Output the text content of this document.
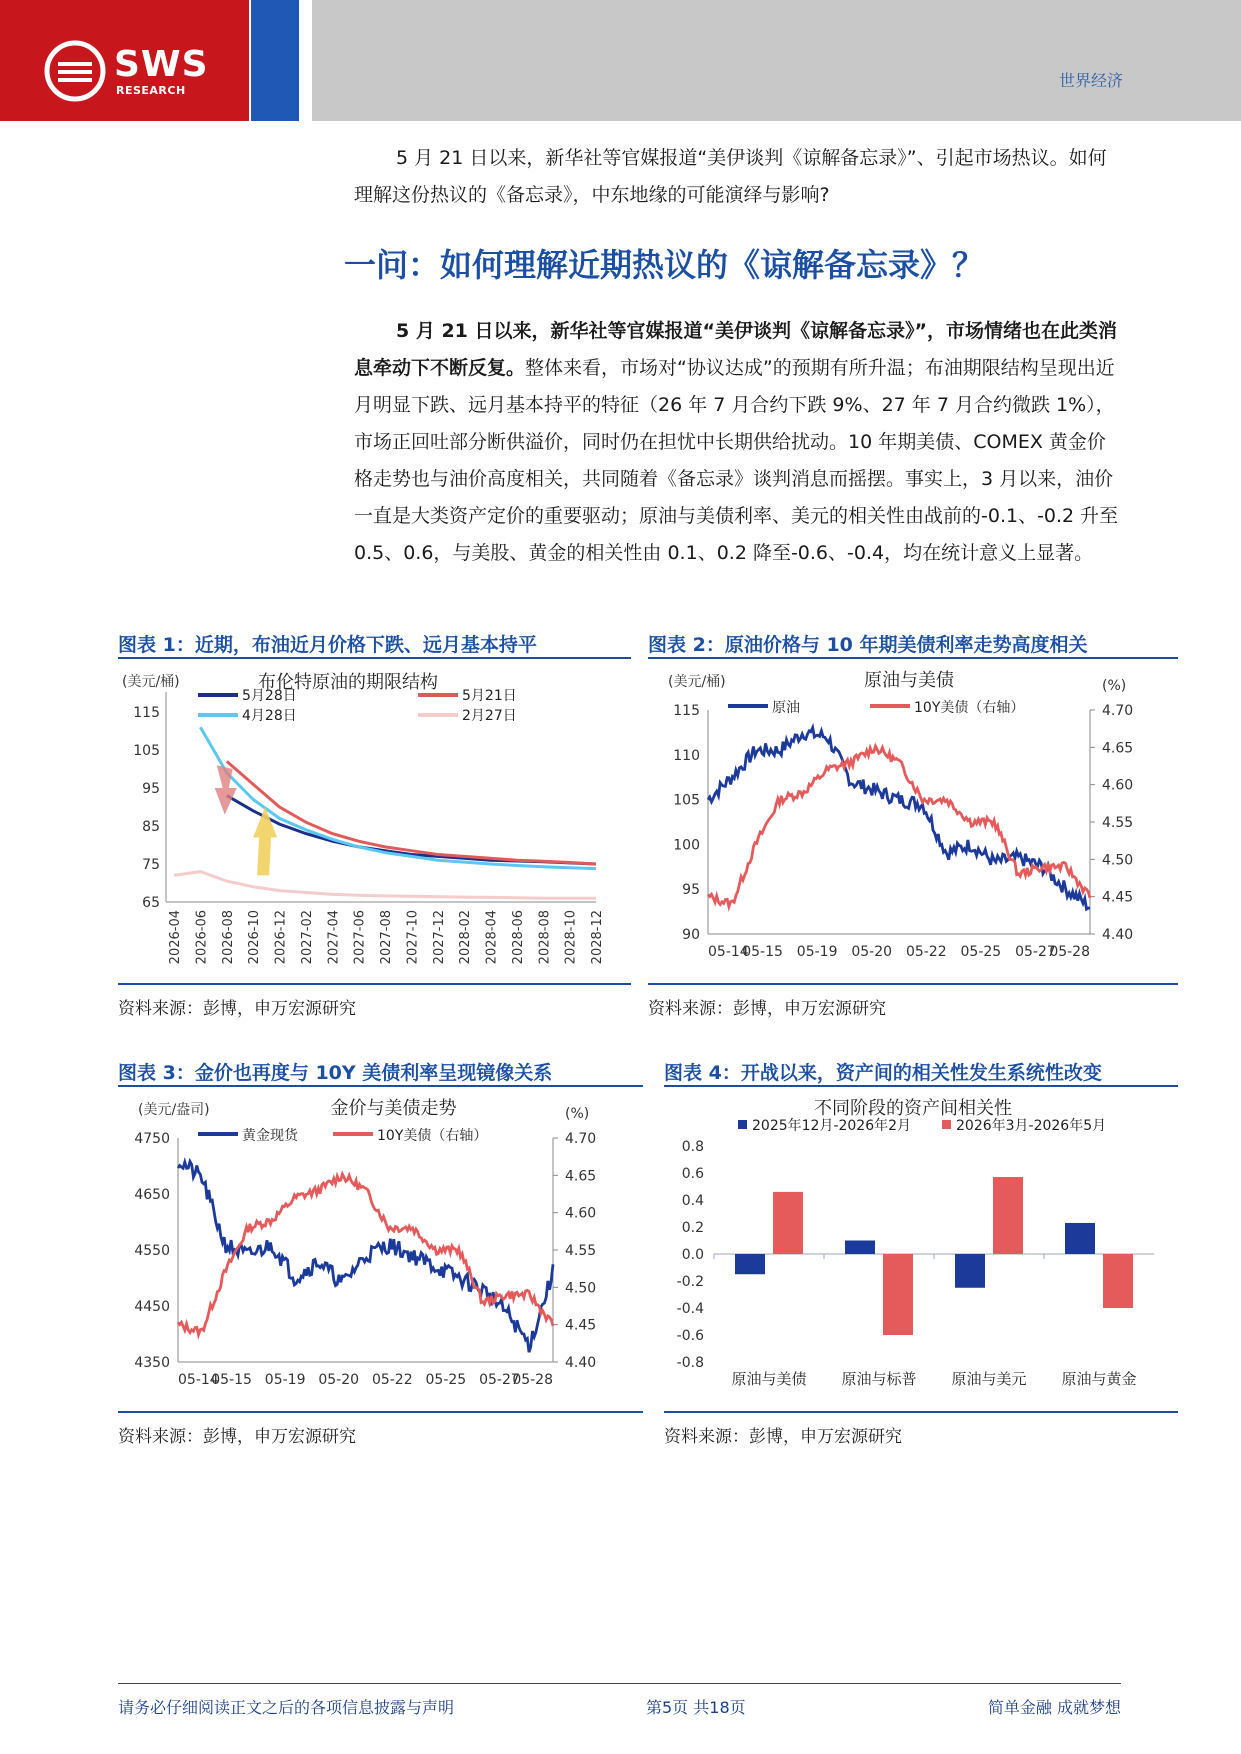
SWS
RESEARCH
世界经济

5 月 21 日以来，新华社等官媒报道“美伊谈判《谅解备忘录》”、引起市场热议。如何理解这份热议的《备忘录》，中东地缘的可能演绎与影响?

一问：如何理解近期热议的《谅解备忘录》？

5 月 21 日以来，新华社等官媒报道“美伊谈判《谅解备忘录》”，市场情绪也在此类消息牵动下不断反复。整体来看，市场对“协议达成”的预期有所升温；布油期限结构呈现出近月明显下跌、远月基本持平的特征（26 年 7 月合约下跌 9%、27 年 7 月合约微跌 1%），市场正回吐部分断供溢价，同时仍在担忧中长期供给扰动。10 年期美债、COMEX 黄金价格走势也与油价高度相关，共同随着《备忘录》谈判消息而摇摆。事实上，3 月以来，油价一直是大类资产定价的重要驱动；原油与美债利率、美元的相关性由战前的-0.1、-0.2 升至 0.5、0.6，与美股、黄金的相关性由 0.1、0.2 降至-0.6、-0.4，均在统计意义上显著。

图表 1：近期，布油近月价格下跌、远月基本持平	图表 2：原油价格与 10 年期美债利率走势高度相关
图表 3：金价也再度与 10Y 美债利率呈现镜像关系	图表 4：开战以来，资产间的相关性发生系统性改变
(美元/桶)	布伦特原油的期限结构
115
105
95
85
75
65
2026-04 2026-06 2026-08 2026-10 2026-12 2027-02 2027-04 2027-06 2027-08 2027-10 2027-12 2028-02 2028-04 2028-06 2028-08 2028-10 2028-12
5月28日	5月21日
4月28日	2月27日
资料来源：彭博，申万宏源研究
(美元/桶)	(%)
原油与美债
115
110
105
100
95
90
4.70
4.65
4.60
4.55
4.50
4.45
4.40
05-14
05-15 05-19 05-20 05-22 05-25 05-27
05-28
原油	10Y美债（右轴）
资料来源：彭博，申万宏源研究
(美元/盎司)	(%)
金价与美债走势
4750
4650
4550
4450
4350
4.70
4.65
4.60
4.55
4.50
4.45
4.40
05-14
05-15 05-19 05-20 05-22 05-25 05-27
05-28
黄金现货	10Y美债（右轴）
资料来源：彭博，申万宏源研究
不同阶段的资产间相关性
0.8
0.6
0.4
0.2
0.0
-0.2
-0.4
-0.6
-0.8
原油与美债 原油与标普 原油与美元 原油与黄金
2025年12月-2026年2月	2026年3月-2026年5月
资料来源：彭博，申万宏源研究
请务必仔细阅读正文之后的各项信息披露与声明	第5页 共18页	简单金融 成就梦想
